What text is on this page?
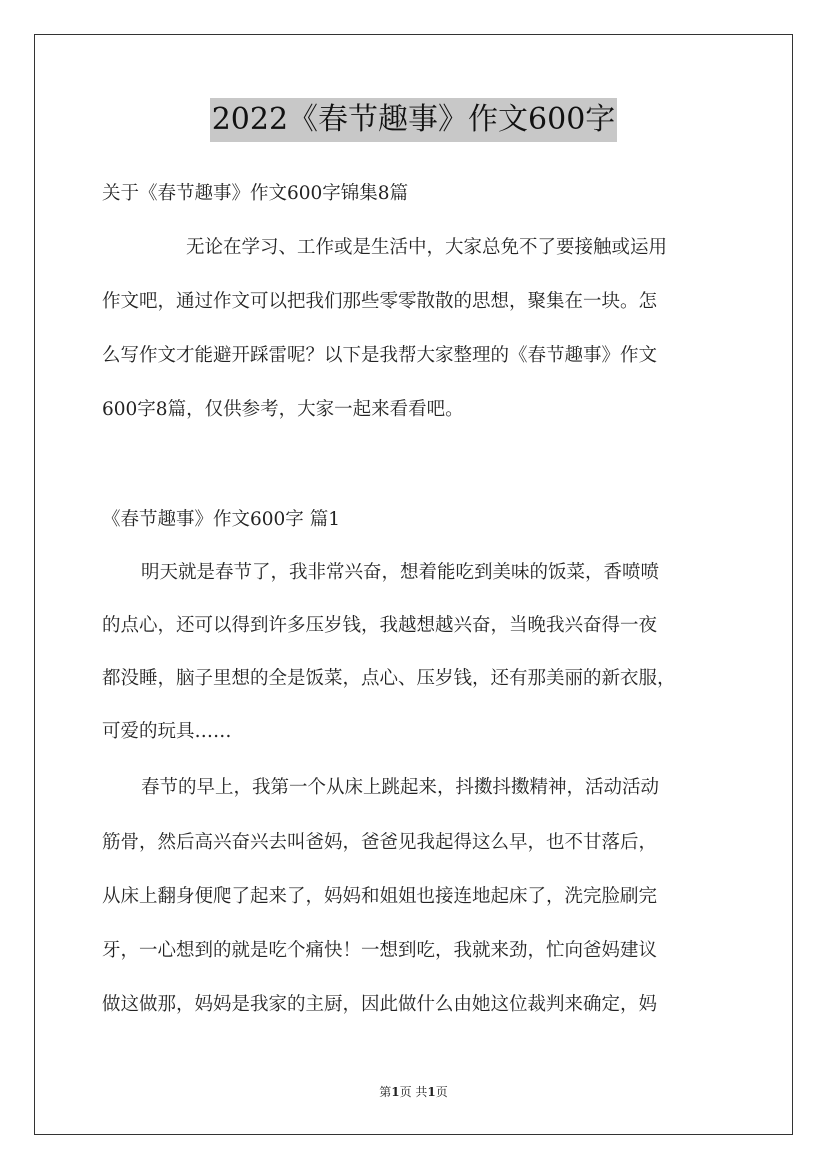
2022《春节趣事》作文600字
关于《春节趣事》作文600字锦集8篇
无论在学习、工作或是生活中，大家总免不了要接触或运用
作文吧，通过作文可以把我们那些零零散散的思想，聚集在一块。怎
么写作文才能避开踩雷呢？以下是我帮大家整理的《春节趣事》作文
600字8篇，仅供参考，大家一起来看看吧。
《春节趣事》作文600字 篇1
明天就是春节了，我非常兴奋，想着能吃到美味的饭菜，香喷喷
的点心，还可以得到许多压岁钱，我越想越兴奋，当晚我兴奋得一夜
都没睡，脑子里想的全是饭菜，点心、压岁钱，还有那美丽的新衣服，
可爱的玩具……
春节的早上，我第一个从床上跳起来，抖擞抖擞精神，活动活动
筋骨，然后高兴奋兴去叫爸妈，爸爸见我起得这么早，也不甘落后，
从床上翻身便爬了起来了，妈妈和姐姐也接连地起床了，洗完脸刷完
牙，一心想到的就是吃个痛快！一想到吃，我就来劲，忙向爸妈建议
做这做那，妈妈是我家的主厨，因此做什么由她这位裁判来确定，妈
第1页 共1页
